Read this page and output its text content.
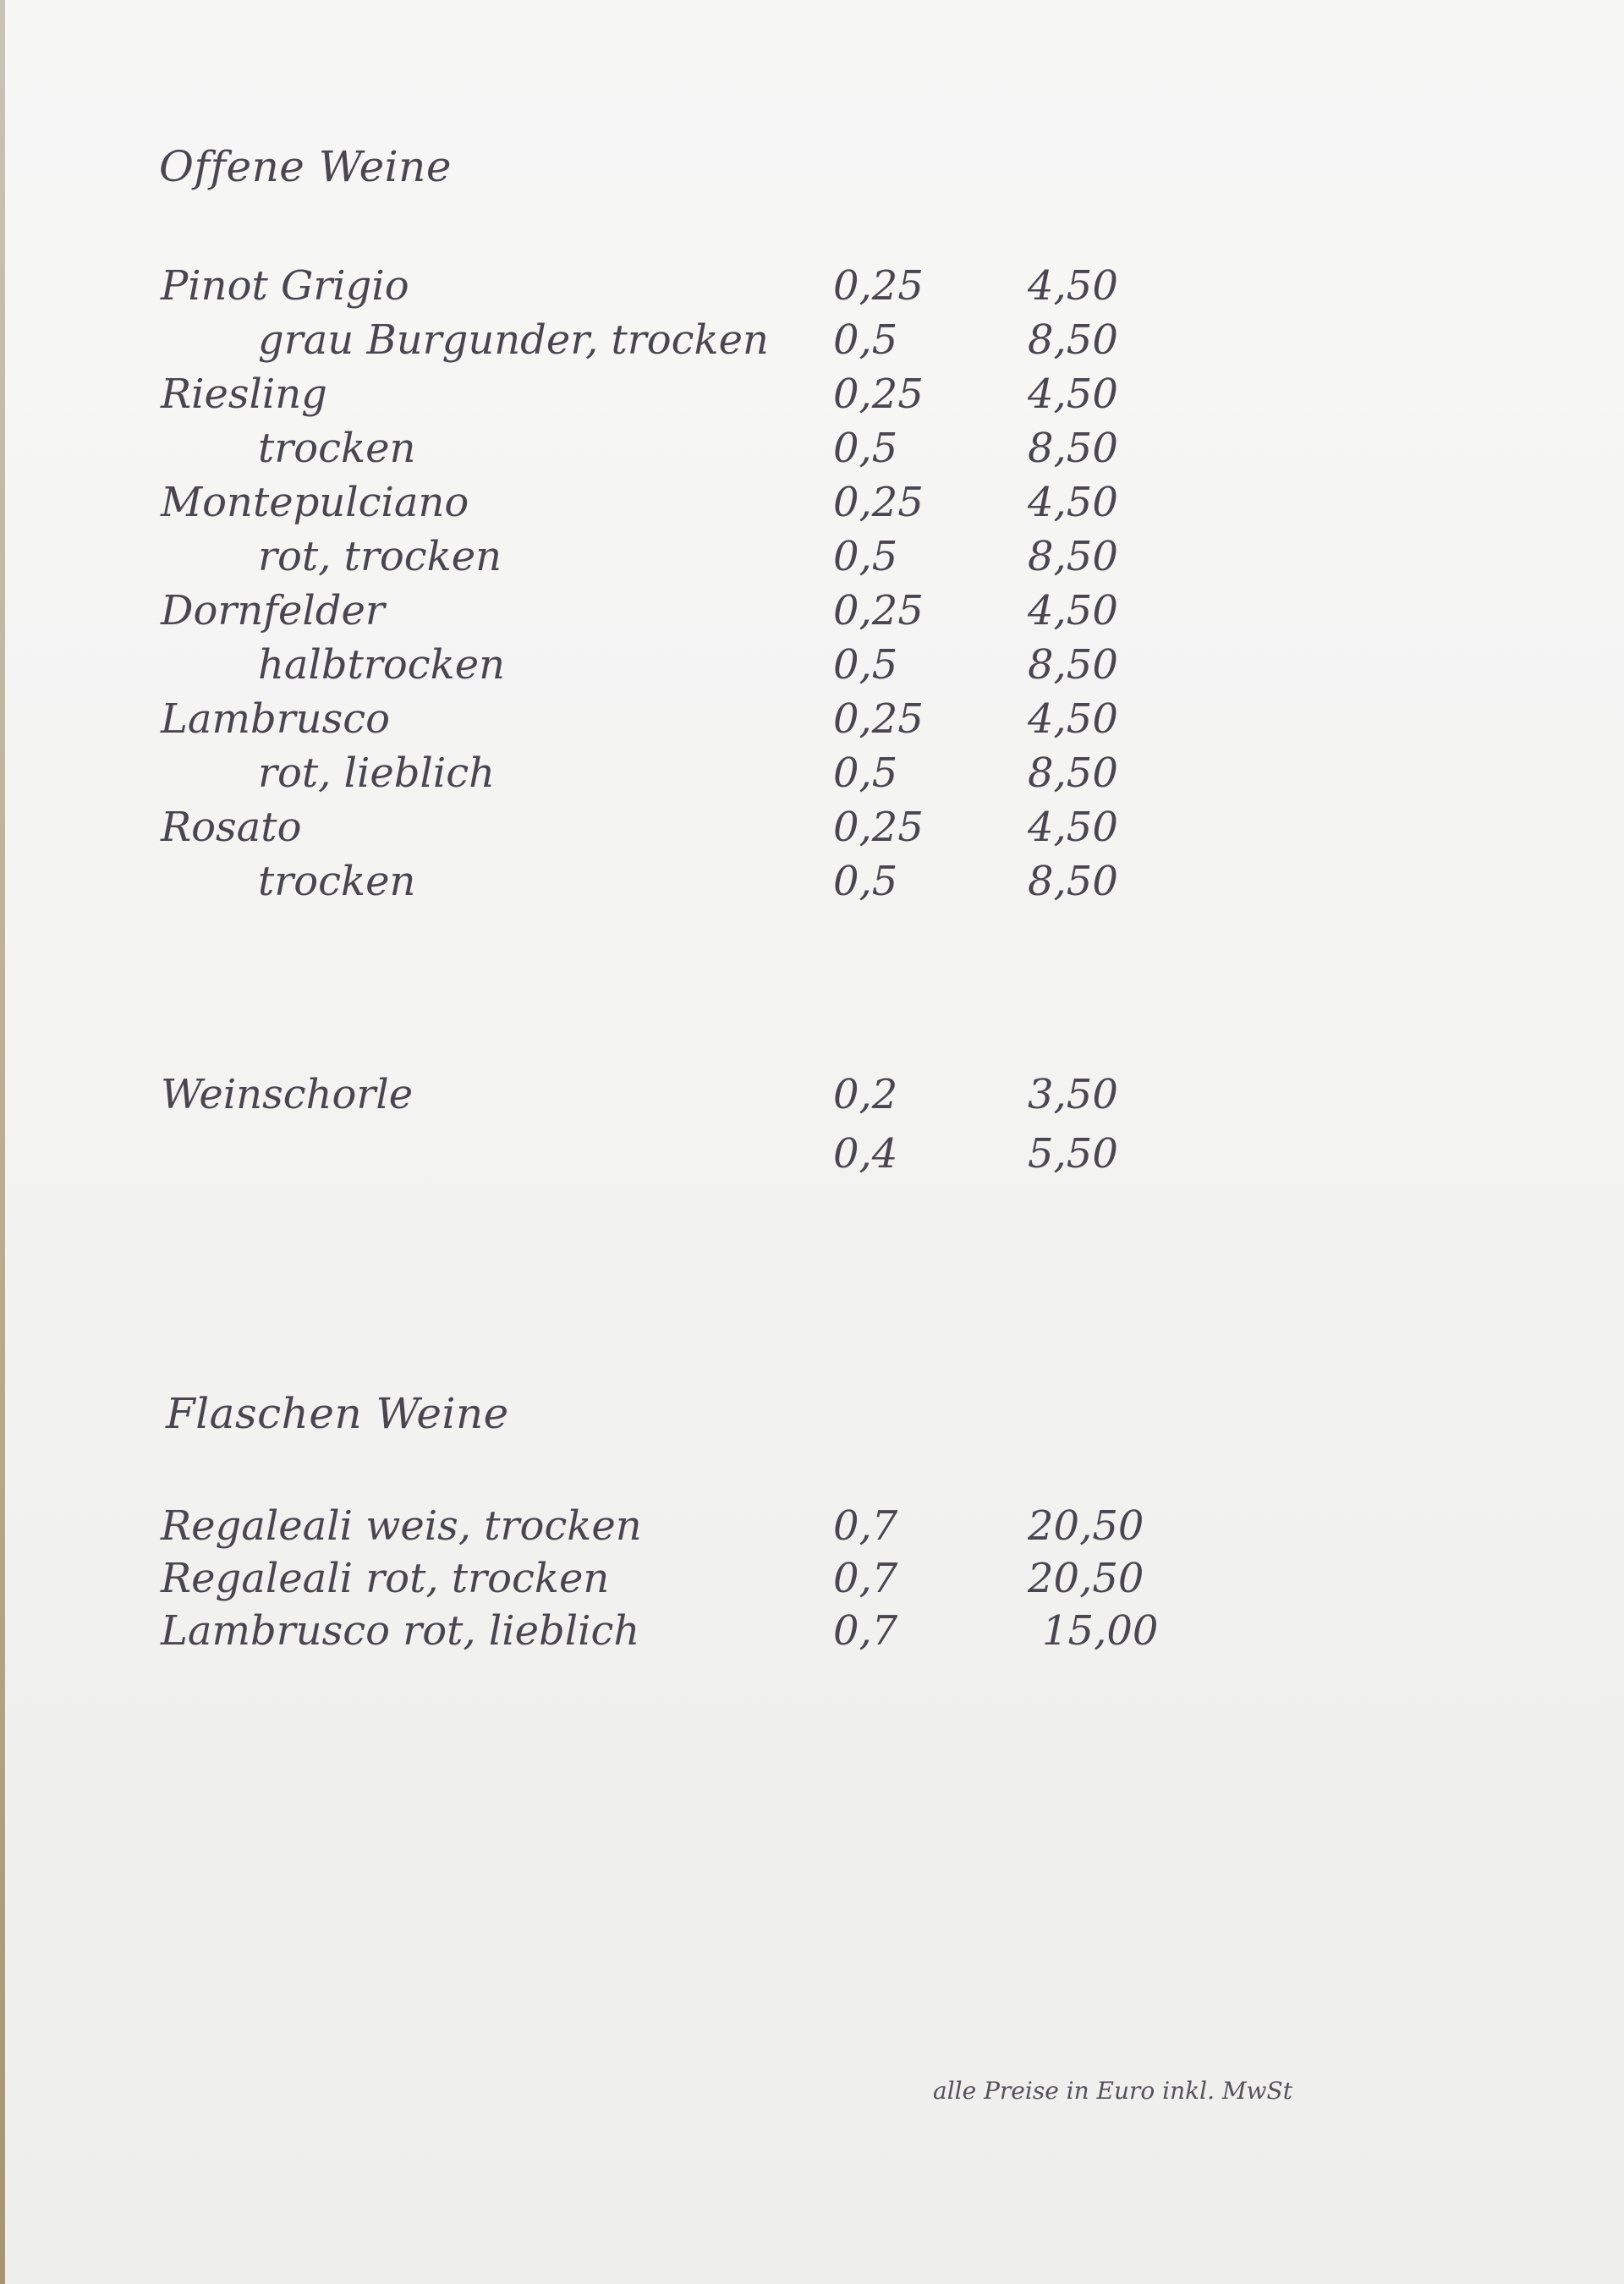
Offene Weine
Pinot Grigio	0,25	4,50
grau Burgunder, trocken 0,5	8,50
Riesling	0,25	4,50
trocken	0,5	8,50
Montepulciano	0,25	4,50
rot, trocken	0,5	8,50
Dornfelder	0,25	4,50
halbtrocken	0,5	8,50
Lambrusco	0,25	4,50
rot, lieblich	0,5	8,50
Rosato	0,25	4,50
trocken	0,5	8,50
Weinschorle	0,2	3,50
0,4	5,50
Flaschen Weine
Regaleali weis, trocken	0,7	20,50
Regaleali rot, trocken	0,7	20,50
Lambrusco rot, lieblich	0,7	15,00
alle Preise in Euro inkl. MwSt
